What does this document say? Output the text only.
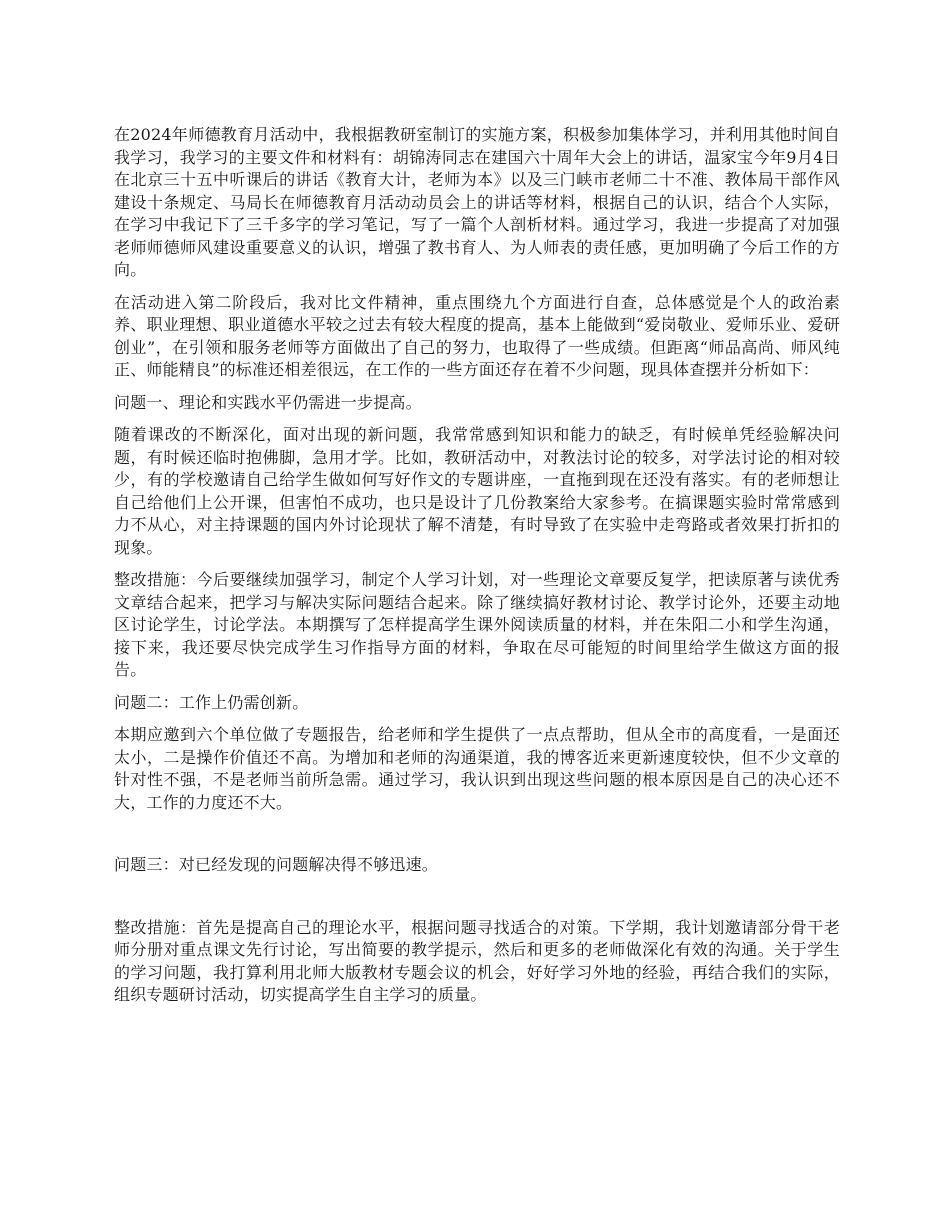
在2024年师德教育月活动中，我根据教研室制订的实施方案，积极参加集体学习，并利用其他时间自我学习，我学习的主要文件和材料有：胡锦涛同志在建国六十周年大会上的讲话，温家宝今年9月4日在北京三十五中听课后的讲话《教育大计，老师为本》以及三门峡市老师二十不准、教体局干部作风建设十条规定、马局长在师德教育月活动动员会上的讲话等材料，根据自己的认识，结合个人实际，在学习中我记下了三千多字的学习笔记，写了一篇个人剖析材料。通过学习，我进一步提高了对加强老师师德师风建设重要意义的认识，增强了教书育人、为人师表的责任感，更加明确了今后工作的方向。

在活动进入第二阶段后，我对比文件精神，重点围绕九个方面进行自查，总体感觉是个人的政治素养、职业理想、职业道德水平较之过去有较大程度的提高，基本上能做到“爱岗敬业、爱师乐业、爱研创业”，在引领和服务老师等方面做出了自己的努力，也取得了一些成绩。但距离“师品高尚、师风纯正、师能精良”的标准还相差很远，在工作的一些方面还存在着不少问题，现具体查摆并分析如下：

问题一、理论和实践水平仍需进一步提高。

随着课改的不断深化，面对出现的新问题，我常常感到知识和能力的缺乏，有时候单凭经验解决问题，有时候还临时抱佛脚，急用才学。比如，教研活动中，对教法讨论的较多，对学法讨论的相对较少，有的学校邀请自己给学生做如何写好作文的专题讲座，一直拖到现在还没有落实。有的老师想让自己给他们上公开课，但害怕不成功，也只是设计了几份教案给大家参考。在搞课题实验时常常感到力不从心，对主持课题的国内外讨论现状了解不清楚，有时导致了在实验中走弯路或者效果打折扣的现象。

整改措施：今后要继续加强学习，制定个人学习计划，对一些理论文章要反复学，把读原著与读优秀文章结合起来，把学习与解决实际问题结合起来。除了继续搞好教材讨论、教学讨论外，还要主动地区讨论学生，讨论学法。本期撰写了怎样提高学生课外阅读质量的材料，并在朱阳二小和学生沟通，接下来，我还要尽快完成学生习作指导方面的材料，争取在尽可能短的时间里给学生做这方面的报告。

问题二：工作上仍需创新。

本期应邀到六个单位做了专题报告，给老师和学生提供了一点点帮助，但从全市的高度看，一是面还太小，二是操作价值还不高。为增加和老师的沟通渠道，我的博客近来更新速度较快，但不少文章的针对性不强，不是老师当前所急需。通过学习，我认识到出现这些问题的根本原因是自己的决心还不大，工作的力度还不大。

问题三：对已经发现的问题解决得不够迅速。

整改措施：首先是提高自己的理论水平，根据问题寻找适合的对策。下学期，我计划邀请部分骨干老师分册对重点课文先行讨论，写出简要的教学提示，然后和更多的老师做深化有效的沟通。关于学生的学习问题，我打算利用北师大版教材专题会议的机会，好好学习外地的经验，再结合我们的实际，组织专题研讨活动，切实提高学生自主学习的质量。
